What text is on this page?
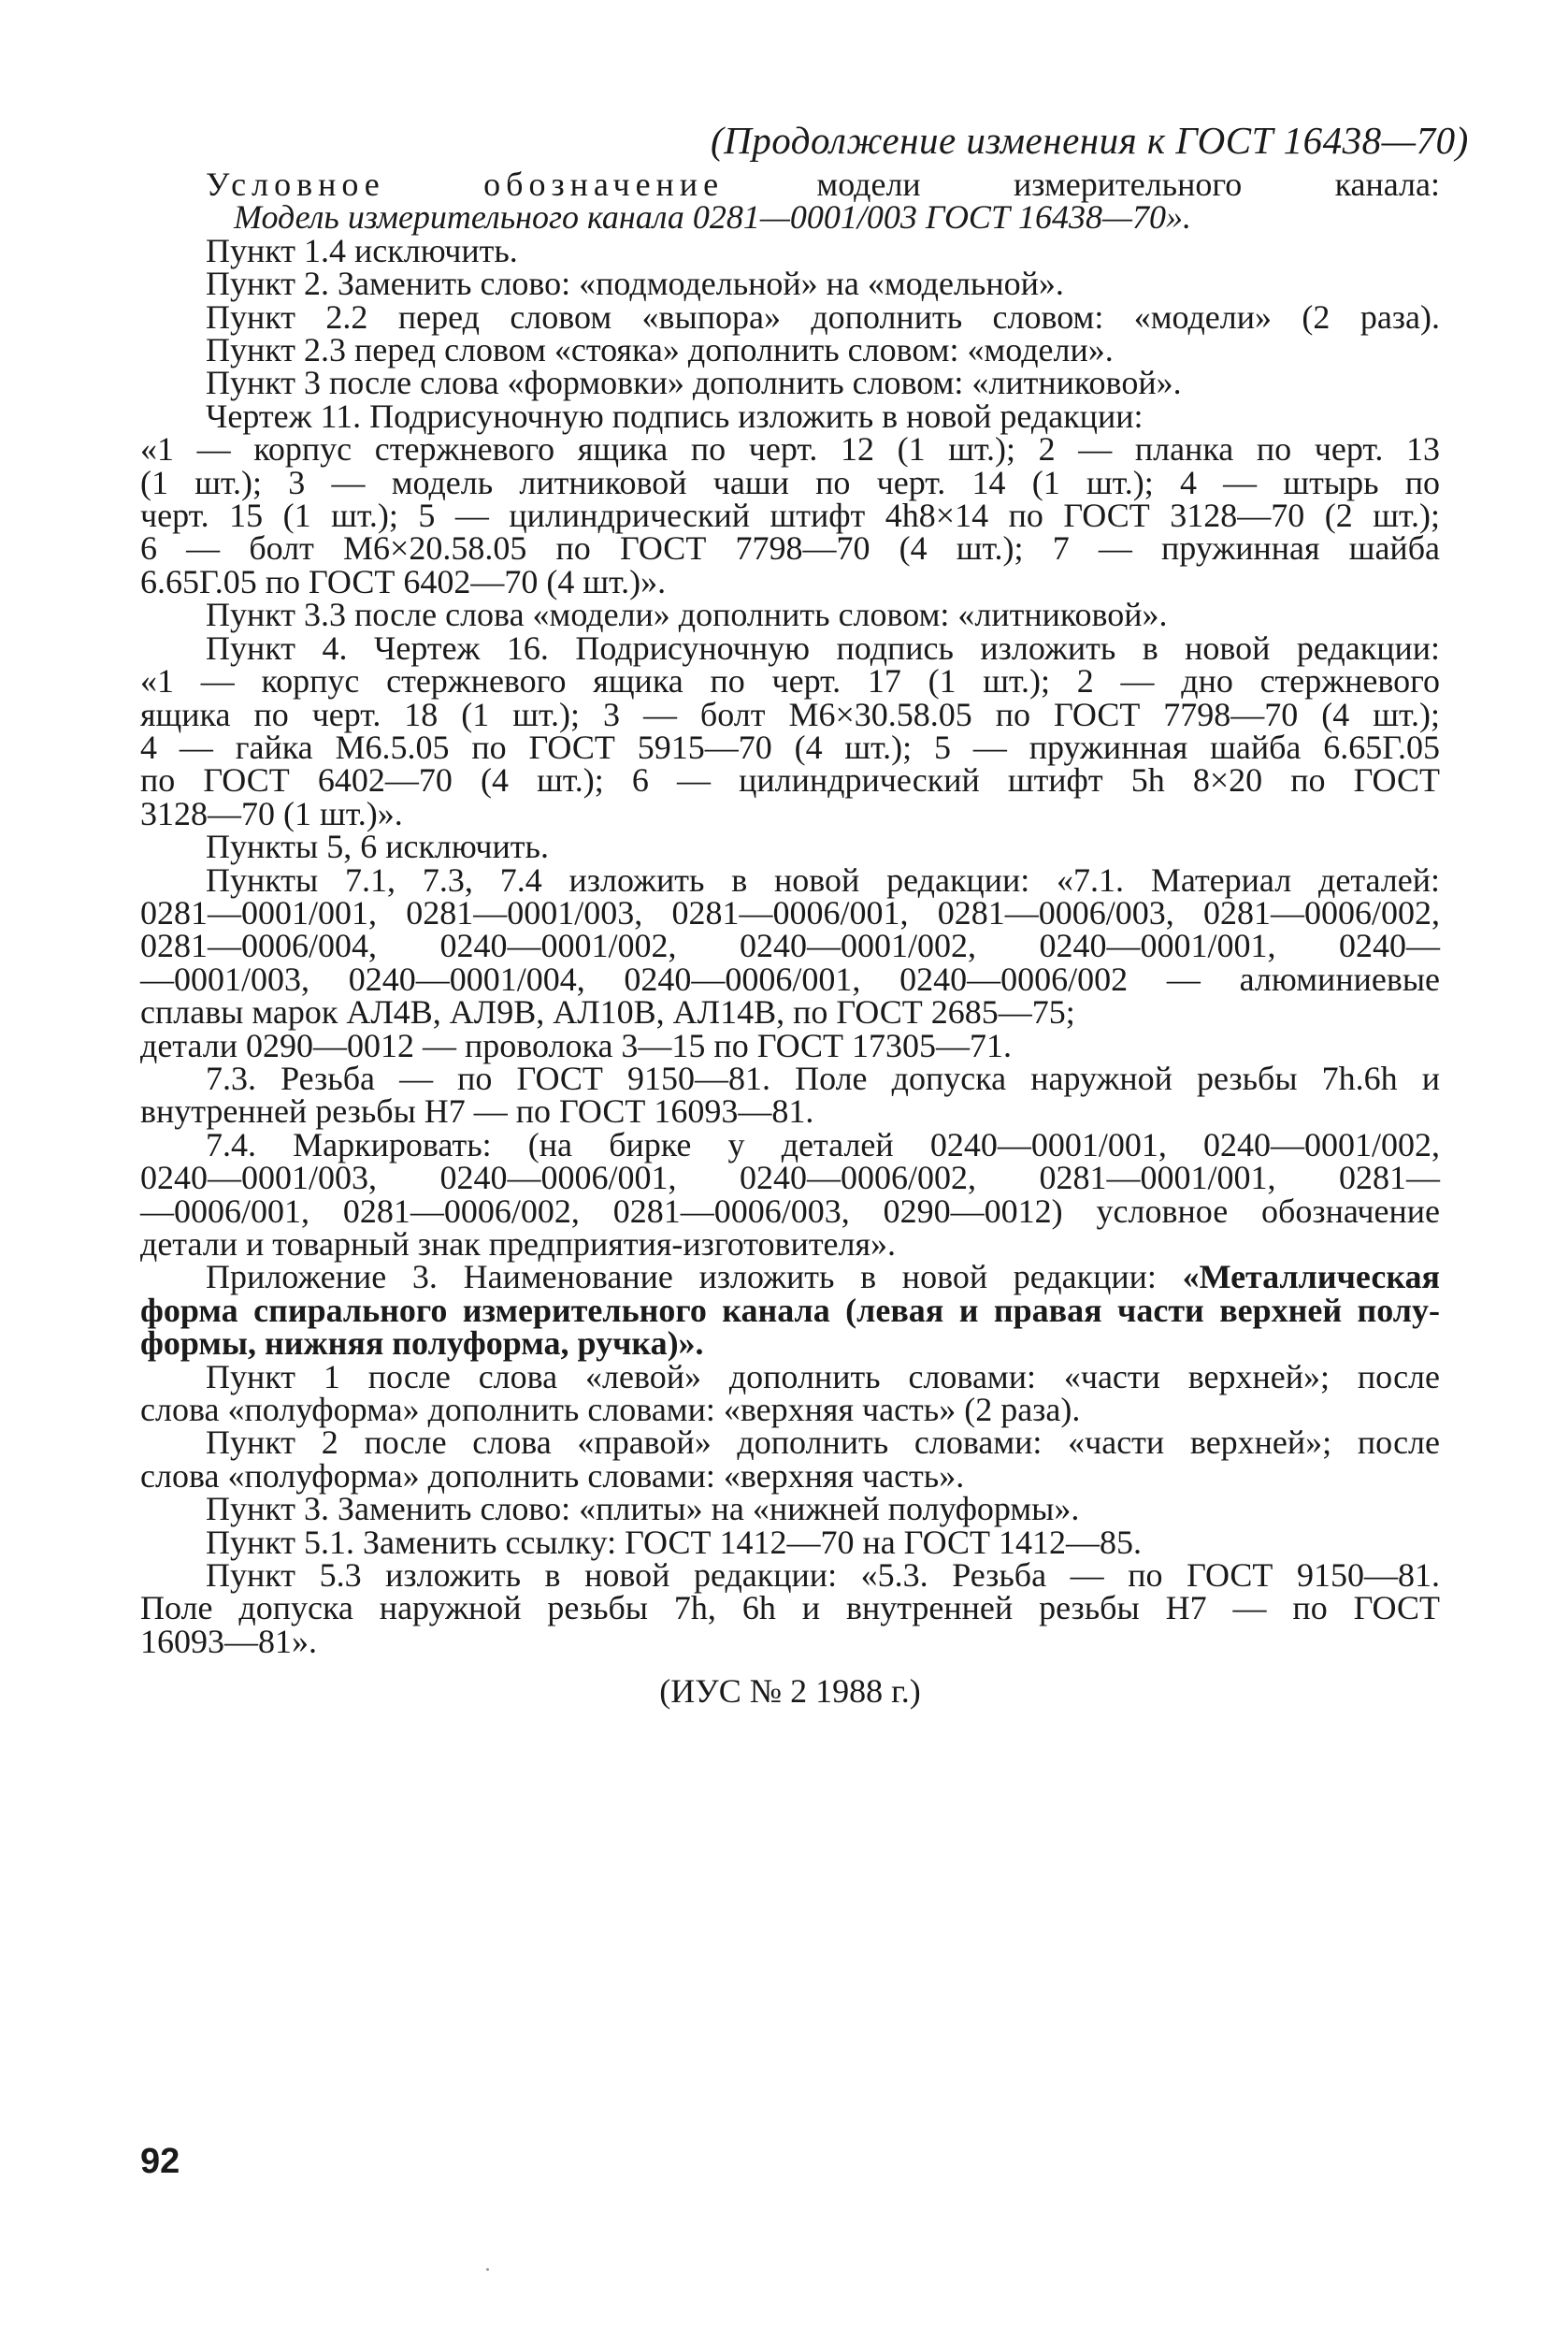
(Продолжение изменения к ГОСТ 16438—70)
Условное обозначение	модели измерительного канала:
Модель измерительного канала 0281—0001/003 ГОСТ 16438—70».
Пункт 1.4 исключить.
Пункт 2. Заменить слово: «подмодельной» на «модельной».
Пункт 2.2 перед словом «выпора» дополнить словом: «модели» (2 раза).
Пункт 2.3 перед словом «стояка» дополнить словом: «модели».
Пункт 3 после слова «формовки» дополнить словом: «литниковой».
Чертеж 11. Подрисуночную подпись изложить в новой редакции:
«1 — корпус стержневого ящика по черт. 12 (1 шт.); 2 — планка по черт. 13
(1 шт.); 3 — модель литниковой чаши по черт. 14 (1 шт.); 4 — штырь по
черт. 15 (1 шт.); 5 — цилиндрический штифт 4h8×14 по ГОСТ 3128—70 (2 шт.);
6 — болт М6×20.58.05 по ГОСТ 7798—70 (4 шт.); 7 — пружинная шайба
6.65Г.05 по ГОСТ 6402—70 (4 шт.)».
Пункт 3.3 после слова «модели» дополнить словом: «литниковой».
Пункт 4. Чертеж 16. Подрисуночную подпись изложить в новой редакции:
«1 — корпус стержневого ящика по черт. 17 (1 шт.); 2 — дно стержневого
ящика по черт. 18 (1 шт.); 3 — болт М6×30.58.05 по ГОСТ 7798—70 (4 шт.);
4 — гайка М6.5.05 по ГОСТ 5915—70 (4 шт.); 5 — пружинная шайба 6.65Г.05
по ГОСТ 6402—70 (4 шт.); 6 — цилиндрический штифт 5h 8×20 по ГОСТ
3128—70 (1 шт.)».
Пункты 5, 6 исключить.
Пункты 7.1, 7.3, 7.4 изложить в новой редакции: «7.1. Материал деталей:
0281—0001/001, 0281—0001/003, 0281—0006/001, 0281—0006/003, 0281—0006/002,
0281—0006/004, 0240—0001/002, 0240—0001/002, 0240—0001/001, 0240—
—0001/003, 0240—0001/004, 0240—0006/001, 0240—0006/002 — алюминиевые
сплавы марок АЛ4В, АЛ9В, АЛ10В, АЛ14В, по ГОСТ 2685—75;
детали 0290—0012 — проволока 3—15 по ГОСТ 17305—71.
7.3. Резьба — по ГОСТ 9150—81. Поле допуска наружной резьбы 7h.6h и
внутренней резьбы Н7 — по ГОСТ 16093—81.
7.4. Маркировать: (на бирке у деталей 0240—0001/001, 0240—0001/002,
0240—0001/003, 0240—0006/001, 0240—0006/002, 0281—0001/001, 0281—
—0006/001, 0281—0006/002, 0281—0006/003, 0290—0012) условное обозначение
детали и товарный знак предприятия-изготовителя».
Приложение 3. Наименование изложить в новой редакции: «Металлическая
форма спирального измерительного канала (левая и правая части верхней полу-
формы, нижняя полуформа, ручка)».
Пункт 1 после слова «левой» дополнить словами: «части верхней»; после
слова «полуформа» дополнить словами: «верхняя часть» (2 раза).
Пункт 2 после слова «правой» дополнить словами: «части верхней»; после
слова «полуформа» дополнить словами: «верхняя часть».
Пункт 3. Заменить слово: «плиты» на «нижней полуформы».
Пункт 5.1. Заменить ссылку: ГОСТ 1412—70 на ГОСТ 1412—85.
Пункт 5.3 изложить в новой редакции: «5.3. Резьба — по ГОСТ 9150—81.
Поле допуска наружной резьбы 7h, 6h и внутренней резьбы Н7 — по ГОСТ
16093—81».
(ИУС № 2 1988 г.)
92
